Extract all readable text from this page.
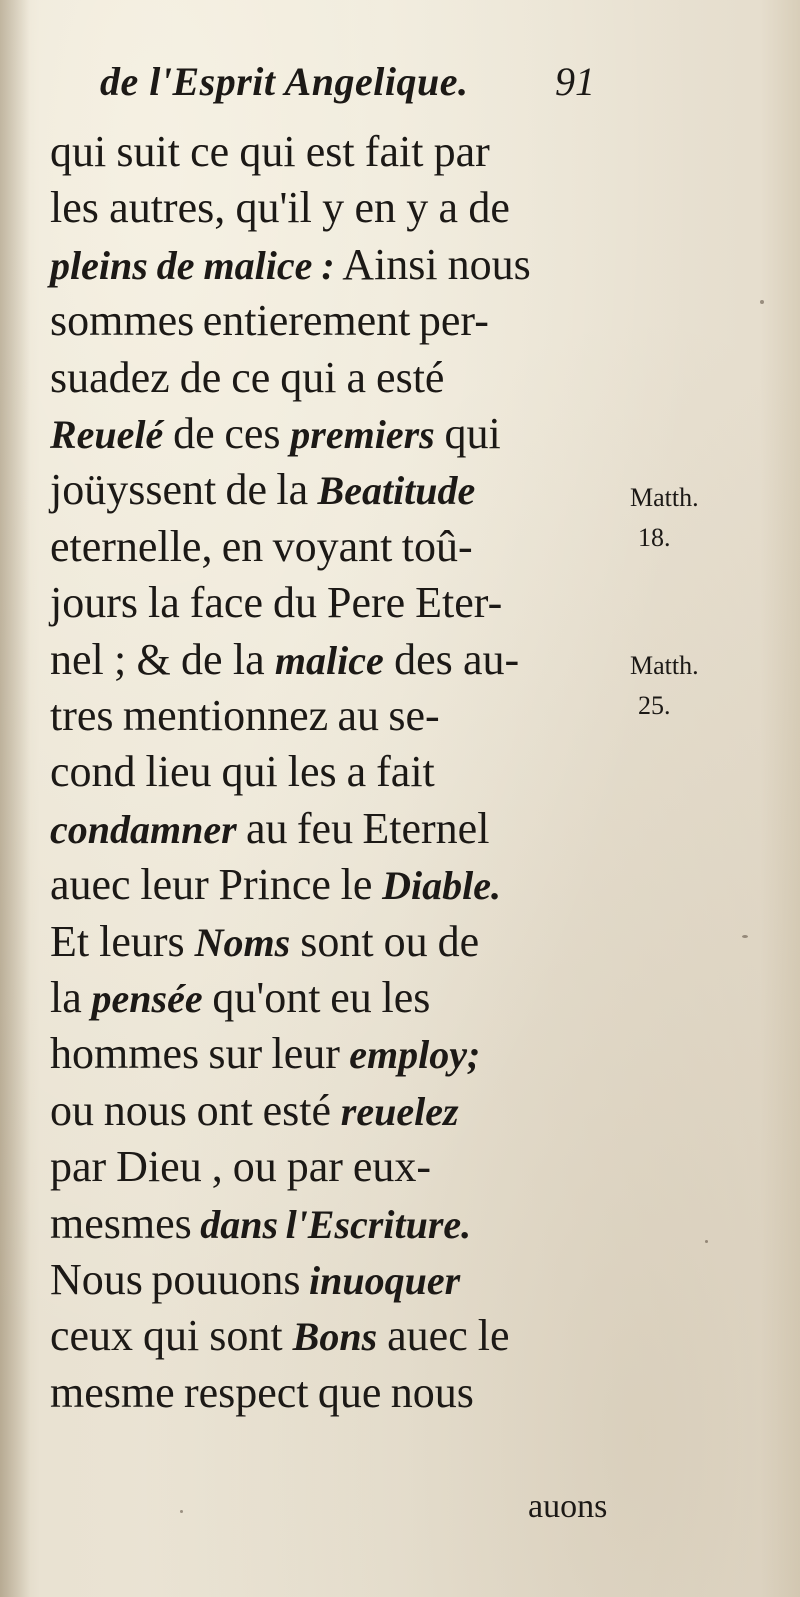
de l'Esprit Angelique. 91
qui suit ce qui est fait par
les autres, qu'il y en y a de
pleins de malice : Ainsi nous
sommes entierement per-
suadez de ce qui a esté
Reuelé de ces premiers qui
joüyssent de la Beatitude
eternelle, en voyant toû-
jours la face du Pere Eter-
nel ; & de la malice des au-
tres mentionnez au se-
cond lieu qui les a fait
condamner au feu Eternel
auec leur Prince le Diable.
Et leurs Noms sont ou de
la pensée qu'ont eu les
hommes sur leur employ;
ou nous ont esté reuelez
par Dieu , ou par eux-
mesmes dans l'Escriture.
Nous pouuons inuoquer
ceux qui sont Bons auec le
mesme respect que nous
Matth.
18.
Matth.
25.
auons
